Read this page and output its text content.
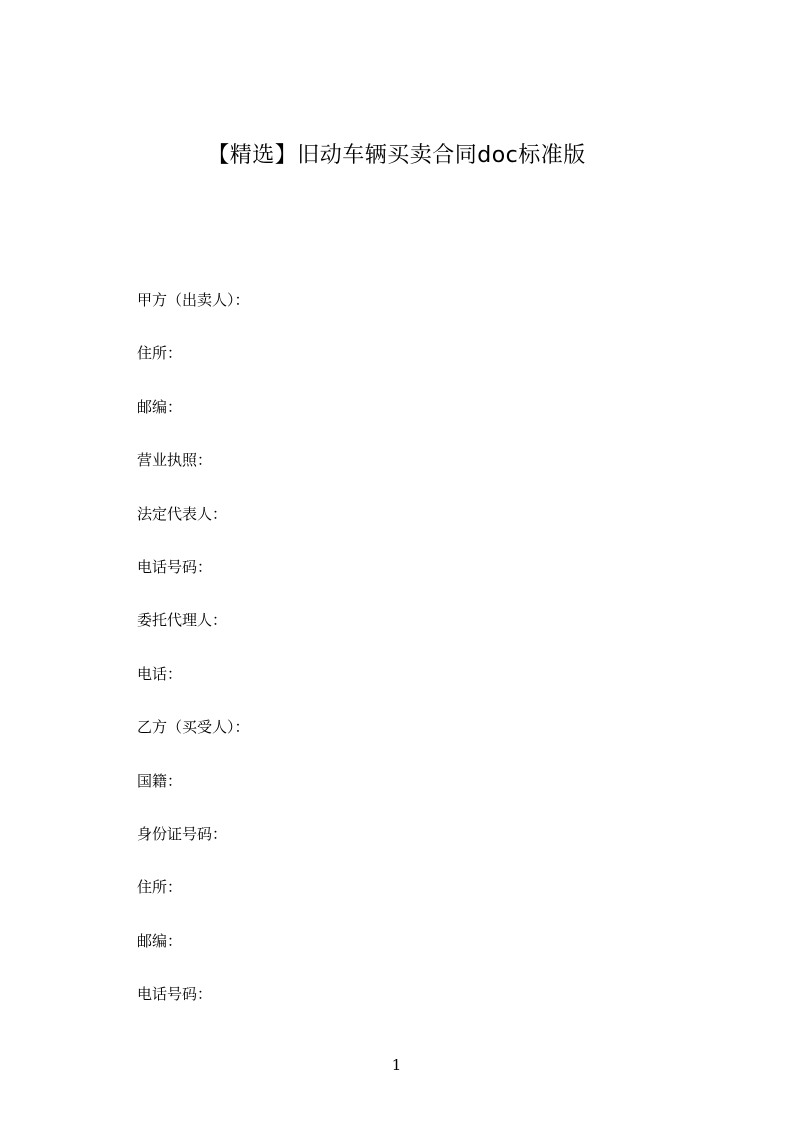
【精选】旧动车辆买卖合同doc标准版
甲方（出卖人）：
住所：
邮编：
营业执照：
法定代表人：
电话号码：
委托代理人：
电话：
乙方（买受人）：
国籍：
身份证号码：
住所：
邮编：
电话号码：
1
